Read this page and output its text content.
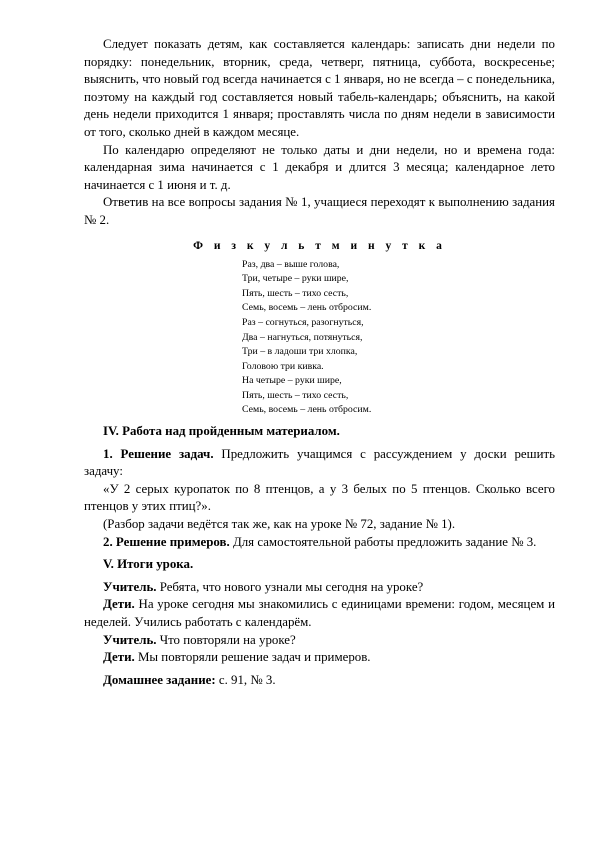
Следует показать детям, как составляется календарь: записать дни недели по порядку: понедельник, вторник, среда, четверг, пятница, суббота, воскресенье; выяснить, что новый год всегда начинается с 1 января, но не всегда – с понедельника, поэтому на каждый год составляется новый табель-календарь; объяснить, на какой день недели приходится 1 января; проставлять числа по дням недели в зависимости от того, сколько дней в каждом месяце.

По календарю определяют не только даты и дни недели, но и времена года: календарная зима начинается с 1 декабря и длится 3 месяца; календарное лето начинается с 1 июня и т. д.

Ответив на все вопросы задания № 1, учащиеся переходят к выполнению задания № 2.

Ф и з к у л ь т м и н у т к а
Раз, два – выше голова,
Три, четыре – руки шире,
Пять, шесть – тихо сесть,
Семь, восемь – лень отбросим.
Раз – согнуться, разогнуться,
Два – нагнуться, потянуться,
Три – в ладоши три хлопка,
Головою три кивка.
На четыре – руки шире,
Пять, шесть – тихо сесть,
Семь, восемь – лень отбросим.

IV. Работа над пройденным материалом.

1. Решение задач. Предложить учащимся с рассуждением у доски решить задачу:

«У 2 серых куропаток по 8 птенцов, а у 3 белых по 5 птенцов. Сколько всего птенцов у этих птиц?».

(Разбор задачи ведётся так же, как на уроке № 72, задание № 1).

2. Решение примеров. Для самостоятельной работы предложить задание № 3.

V. Итоги урока.

Учитель. Ребята, что нового узнали мы сегодня на уроке?

Дети. На уроке сегодня мы знакомились с единицами времени: годом, месяцем и неделей. Учились работать с календарём.

Учитель. Что повторяли на уроке?

Дети. Мы повторяли решение задач и примеров.

Домашнее задание: с. 91, № 3.
